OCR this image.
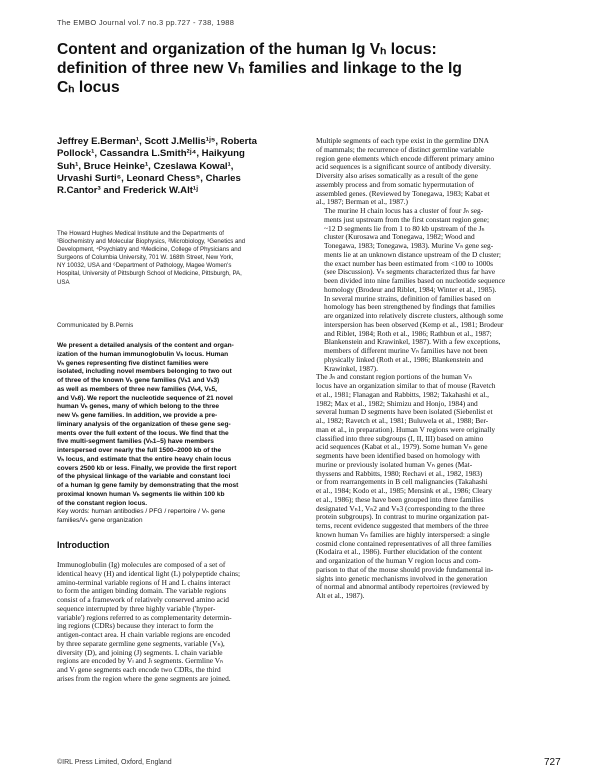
The EMBO Journal vol.7 no.3 pp.727 - 738, 1988
Content and organization of the human Ig Vₕ locus:
definition of three new Vₕ families and linkage to the Ig
Cₕ locus
Jeffrey E.Berman¹, Scott J.Mellis¹ʲ⁵, Roberta
Pollock¹, Cassandra L.Smith²ʲ⁴, Haikyung
Suh¹, Bruce Heinke¹, Czeslawa Kowal¹,
Urvashi Surti⁶, Leonard Chess⁵, Charles
R.Cantor³ and Frederick W.Alt¹ʲ
The Howard Hughes Medical Institute and the Departments of
¹Biochemistry and Molecular Biophysics, ²Microbiology, ³Genetics and
Development, ⁴Psychiatry and ⁵Medicine, College of Physicians and
Surgeons of Columbia University, 701 W. 168th Street, New York,
NY 10032, USA and ⁶Department of Pathology, Magee Women's
Hospital, University of Pittsburgh School of Medicine, Pittsburgh, PA,
USA
Communicated by B.Pernis
We present a detailed analysis of the content and organ-
ization of the human immunoglobulin Vₕ locus. Human
Vₕ genes representing five distinct families were
isolated, including novel members belonging to two out
of three of the known Vₕ gene families (Vₕ1 and Vₕ3)
as well as members of three new families (Vₕ4, Vₕ5,
and Vₕ6). We report the nucleotide sequence of 21 novel
human Vₕ genes, many of which belong to the three
new Vₕ gene families. In addition, we provide a pre-
liminary analysis of the organization of these gene seg-
ments over the full extent of the locus. We find that the
five multi-segment families (Vₕ1–5) have members
interspersed over nearly the full 1500–2000 kb of the
Vₕ locus, and estimate that the entire heavy chain locus
covers 2500 kb or less. Finally, we provide the first report
of the physical linkage of the variable and constant loci
of a human Ig gene family by demonstrating that the most
proximal known human Vₕ segments lie within 100 kb
of the constant region locus.
Key words: human antibodies / PFG / repertoire / Vₕ gene
families/Vₕ gene organization
Introduction
Immunoglobulin (Ig) molecules are composed of a set of
identical heavy (H) and identical light (L) polypeptide chains;
amino-terminal variable regions of H and L chains interact
to form the antigen binding domain. The variable regions
consist of a framework of relatively conserved amino acid
sequence interrupted by three highly variable ('hyper-
variable') regions referred to as complementarity determin-
ing regions (CDRs) because they interact to form the
antigen-contact area. H chain variable regions are encoded
by three separate germline gene segments, variable (Vₕ),
diversity (D), and joining (J) segments. L chain variable
regions are encoded by Vₗ and Jₗ segments. Germline Vₕ
and Vₗ gene segments each encode two CDRs, the third
arises from the region where the gene segments are joined.

Multiple segments of each type exist in the germline DNA
of mammals; the recurrence of distinct germline variable
region gene elements which encode different primary amino
acid sequences is a significant source of antibody diversity.
Diversity also arises somatically as a result of the gene
assembly process and from somatic hypermutation of
assembled genes. (Reviewed by Tonegawa, 1983; Kabat et
al., 1987; Berman et al., 1987.)

The murine H chain locus has a cluster of four Jₕ seg-
ments just upstream from the first constant region gene;
~12 D segments lie from 1 to 80 kb upstream of the Jₕ
cluster (Kurosawa and Tonegawa, 1982; Wood and
Tonegawa, 1983; Tonegawa, 1983). Murine Vₕ gene seg-
ments lie at an unknown distance upstream of the D cluster;
the exact number has been estimated from <100 to 1000s
(see Discussion). Vₕ segments characterized thus far have
been divided into nine families based on nucleotide sequence
homology (Brodeur and Riblet, 1984; Winter et al., 1985).
In several murine strains, definition of families based on
homology has been strengthened by findings that families
are organized into relatively discrete clusters, although some
interspersion has been observed (Kemp et al., 1981; Brodeur
and Riblet, 1984; Roth et al., 1986; Rathbun et al., 1987;
Blankenstein and Krawinkel, 1987). With a few exceptions,
members of different murine Vₕ families have not been
physically linked (Roth et al., 1986; Blankenstein and
Krawinkel, 1987).

The Jₕ and constant region portions of the human Vₕ
locus have an organization similar to that of mouse (Ravetch
et al., 1981; Flanagan and Rabbitts, 1982; Takahashi et al.,
1982; Max et al., 1982; Shimizu and Honjo, 1984) and
several human D segments have been isolated (Siebenlist et
al., 1982; Ravetch et al., 1981; Buluwela et al., 1988; Ber-
man et al., in preparation). Human V regions were originally
classified into three subgroups (I, II, III) based on amino
acid sequences (Kabat et al., 1979). Some human Vₕ gene
segments have been identified based on homology with
murine or previously isolated human Vₕ genes (Mat-
thyssens and Rabbitts, 1980; Rechavi et al., 1982, 1983)
or from rearrangements in B cell malignancies (Takahashi
et al., 1984; Kodo et al., 1985; Mensink et al., 1986; Cleary
et al., 1986); these have been grouped into three families
designated Vₕ1, Vₕ2 and Vₕ3 (corresponding to the three
protein subgroups). In contrast to murine organization pat-
terns, recent evidence suggested that members of the three
known human Vₕ families are highly interspersed: a single
cosmid clone contained representatives of all three families
(Kodaira et al., 1986). Further elucidation of the content
and organization of the human V region locus and com-
parison to that of the mouse should provide fundamental in-
sights into genetic mechanisms involved in the generation
of normal and abnormal antibody repertoires (reviewed by
Alt et al., 1987).

©IRL Press Limited, Oxford, England	727
